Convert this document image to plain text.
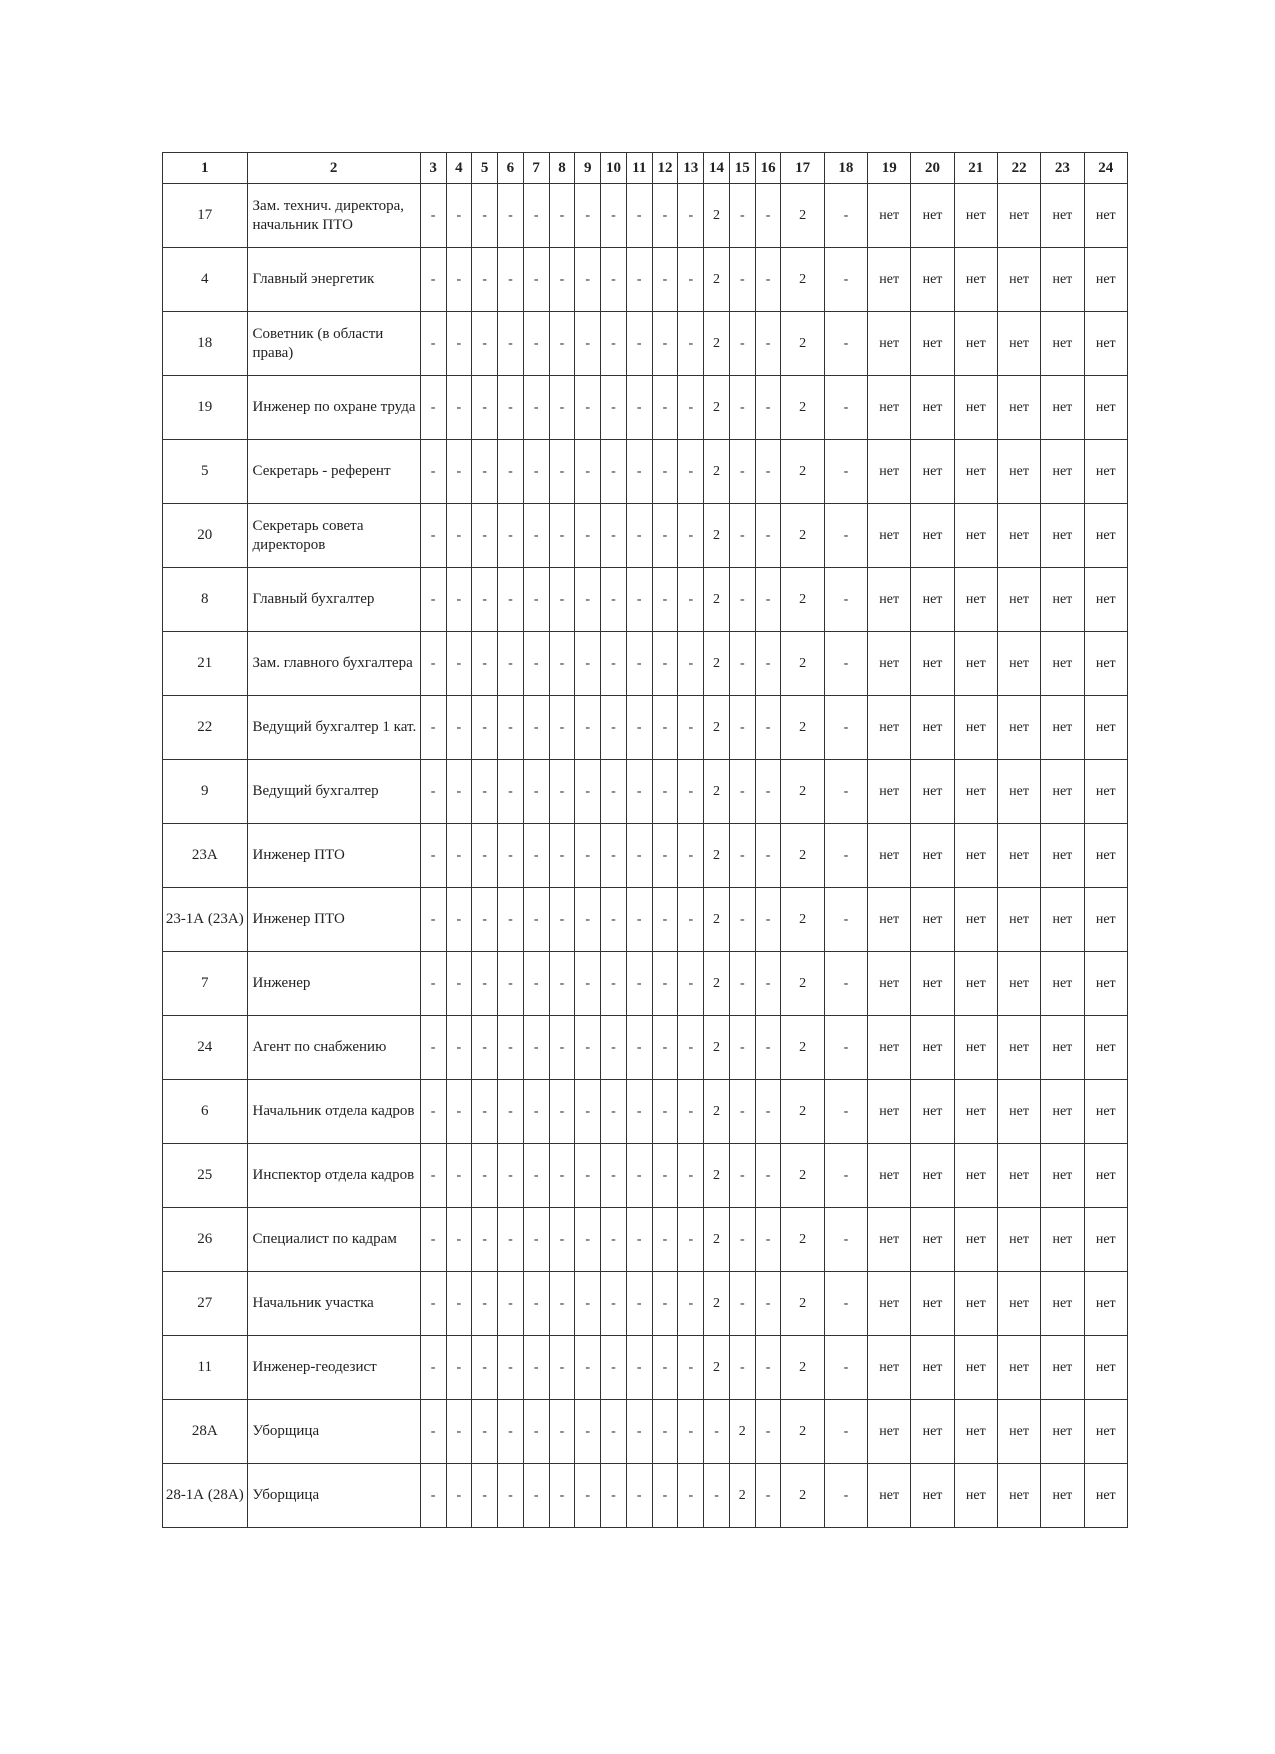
1	2	3	4	5	6	7	8	9	10	11	12	13	14	15	16	17	18	19	20	21	22	23	24
17	Зам. технич. директора, начальник ПТО	-	-	-	-	-	-	-	-	-	-	-	2	-	-	2	-	нет	нет	нет	нет	нет	нет
4	Главный энергетик	-	-	-	-	-	-	-	-	-	-	-	2	-	-	2	-	нет	нет	нет	нет	нет	нет
18	Советник (в области права)	-	-	-	-	-	-	-	-	-	-	-	2	-	-	2	-	нет	нет	нет	нет	нет	нет
19	Инженер по охране труда	-	-	-	-	-	-	-	-	-	-	-	2	-	-	2	-	нет	нет	нет	нет	нет	нет
5	Секретарь - референт	-	-	-	-	-	-	-	-	-	-	-	2	-	-	2	-	нет	нет	нет	нет	нет	нет
20	Секретарь совета директоров	-	-	-	-	-	-	-	-	-	-	-	2	-	-	2	-	нет	нет	нет	нет	нет	нет
8	Главный бухгалтер	-	-	-	-	-	-	-	-	-	-	-	2	-	-	2	-	нет	нет	нет	нет	нет	нет
21	Зам. главного бухгалтера	-	-	-	-	-	-	-	-	-	-	-	2	-	-	2	-	нет	нет	нет	нет	нет	нет
22	Ведущий бухгалтер 1 кат.	-	-	-	-	-	-	-	-	-	-	-	2	-	-	2	-	нет	нет	нет	нет	нет	нет
9	Ведущий бухгалтер	-	-	-	-	-	-	-	-	-	-	-	2	-	-	2	-	нет	нет	нет	нет	нет	нет
23А	Инженер ПТО	-	-	-	-	-	-	-	-	-	-	-	2	-	-	2	-	нет	нет	нет	нет	нет	нет
23-1А (23А)	Инженер ПТО	-	-	-	-	-	-	-	-	-	-	-	2	-	-	2	-	нет	нет	нет	нет	нет	нет
7	Инженер	-	-	-	-	-	-	-	-	-	-	-	2	-	-	2	-	нет	нет	нет	нет	нет	нет
24	Агент по снабжению	-	-	-	-	-	-	-	-	-	-	-	2	-	-	2	-	нет	нет	нет	нет	нет	нет
6	Начальник отдела кадров	-	-	-	-	-	-	-	-	-	-	-	2	-	-	2	-	нет	нет	нет	нет	нет	нет
25	Инспектор отдела кадров	-	-	-	-	-	-	-	-	-	-	-	2	-	-	2	-	нет	нет	нет	нет	нет	нет
26	Специалист по кадрам	-	-	-	-	-	-	-	-	-	-	-	2	-	-	2	-	нет	нет	нет	нет	нет	нет
27	Начальник участка	-	-	-	-	-	-	-	-	-	-	-	2	-	-	2	-	нет	нет	нет	нет	нет	нет
11	Инженер-геодезист	-	-	-	-	-	-	-	-	-	-	-	2	-	-	2	-	нет	нет	нет	нет	нет	нет
28А	Уборщица	-	-	-	-	-	-	-	-	-	-	-	-	2	-	2	-	нет	нет	нет	нет	нет	нет
28-1А (28А)	Уборщица	-	-	-	-	-	-	-	-	-	-	-	-	2	-	2	-	нет	нет	нет	нет	нет	нет
